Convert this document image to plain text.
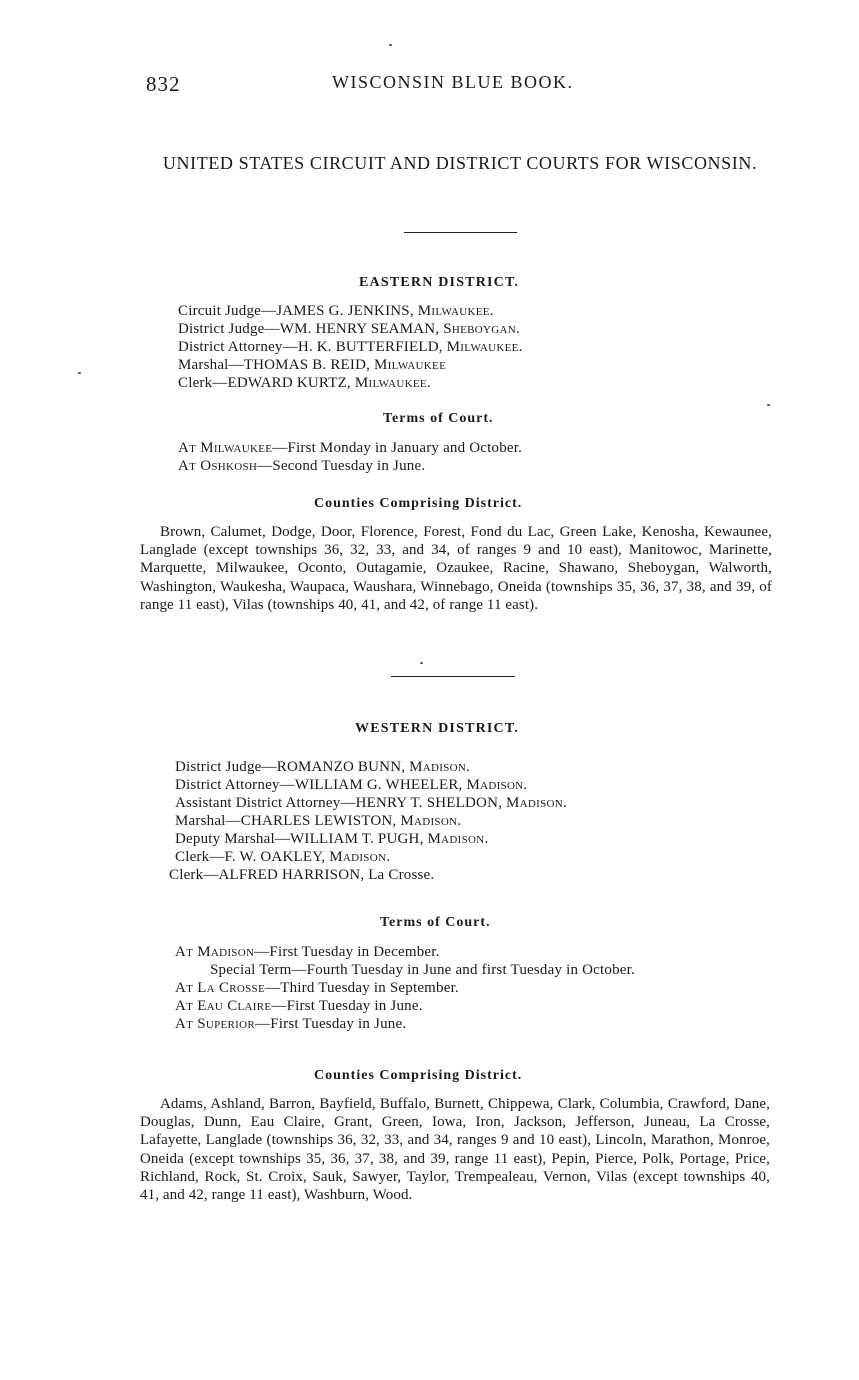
832	WISCONSIN BLUE BOOK.
UNITED STATES CIRCUIT AND DISTRICT COURTS FOR WISCONSIN.
EASTERN DISTRICT.
Circuit Judge—JAMES G. JENKINS, Milwaukee.
District Judge—WM. HENRY SEAMAN, Sheboygan.
District Attorney—H. K. BUTTERFIELD, Milwaukee.
Marshal—THOMAS B. REID, Milwaukee
Clerk—EDWARD KURTZ, Milwaukee.
Terms of Court.
At Milwaukee—First Monday in January and October.
At Oshkosh—Second Tuesday in June.
Counties Comprising District.
Brown, Calumet, Dodge, Door, Florence, Forest, Fond du Lac, Green Lake, Kenosha, Kewaunee, Langlade (except townships 36, 32, 33, and 34, of ranges 9 and 10 east), Manitowoc, Marinette, Marquette, Milwaukee, Oconto, Outagamie, Ozaukee, Racine, Shawano, Sheboygan, Walworth, Washington, Waukesha, Waupaca, Waushara, Winnebago, Oneida (townships 35, 36, 37, 38, and 39, of range 11 east), Vilas (townships 40, 41, and 42, of range 11 east).
WESTERN DISTRICT.
District Judge—ROMANZO BUNN, Madison.
District Attorney—WILLIAM G. WHEELER, Madison.
Assistant District Attorney—HENRY T. SHELDON, Madison.
Marshal—CHARLES LEWISTON, Madison.
Deputy Marshal—WILLIAM T. PUGH, Madison.
Clerk—F. W. OAKLEY, Madison.
Clerk—ALFRED HARRISON, La Crosse.
Terms of Court.
At Madison—First Tuesday in December.
Special Term—Fourth Tuesday in June and first Tuesday in October.
At La Crosse—Third Tuesday in September.
At Eau Claire—First Tuesday in June.
At Superior—First Tuesday in June.
Counties Comprising District.
Adams, Ashland, Barron, Bayfield, Buffalo, Burnett, Chippewa, Clark, Columbia, Crawford, Dane, Douglas, Dunn, Eau Claire, Grant, Green, Iowa, Iron, Jackson, Jefferson, Juneau, La Crosse, Lafayette, Langlade (townships 36, 32, 33, and 34, ranges 9 and 10 east), Lincoln, Marathon, Monroe, Oneida (except townships 35, 36, 37, 38, and 39, range 11 east), Pepin, Pierce, Polk, Portage, Price, Richland, Rock, St. Croix, Sauk, Sawyer, Taylor, Trempealeau, Vernon, Vilas (except townships 40, 41, and 42, range 11 east), Washburn, Wood.
